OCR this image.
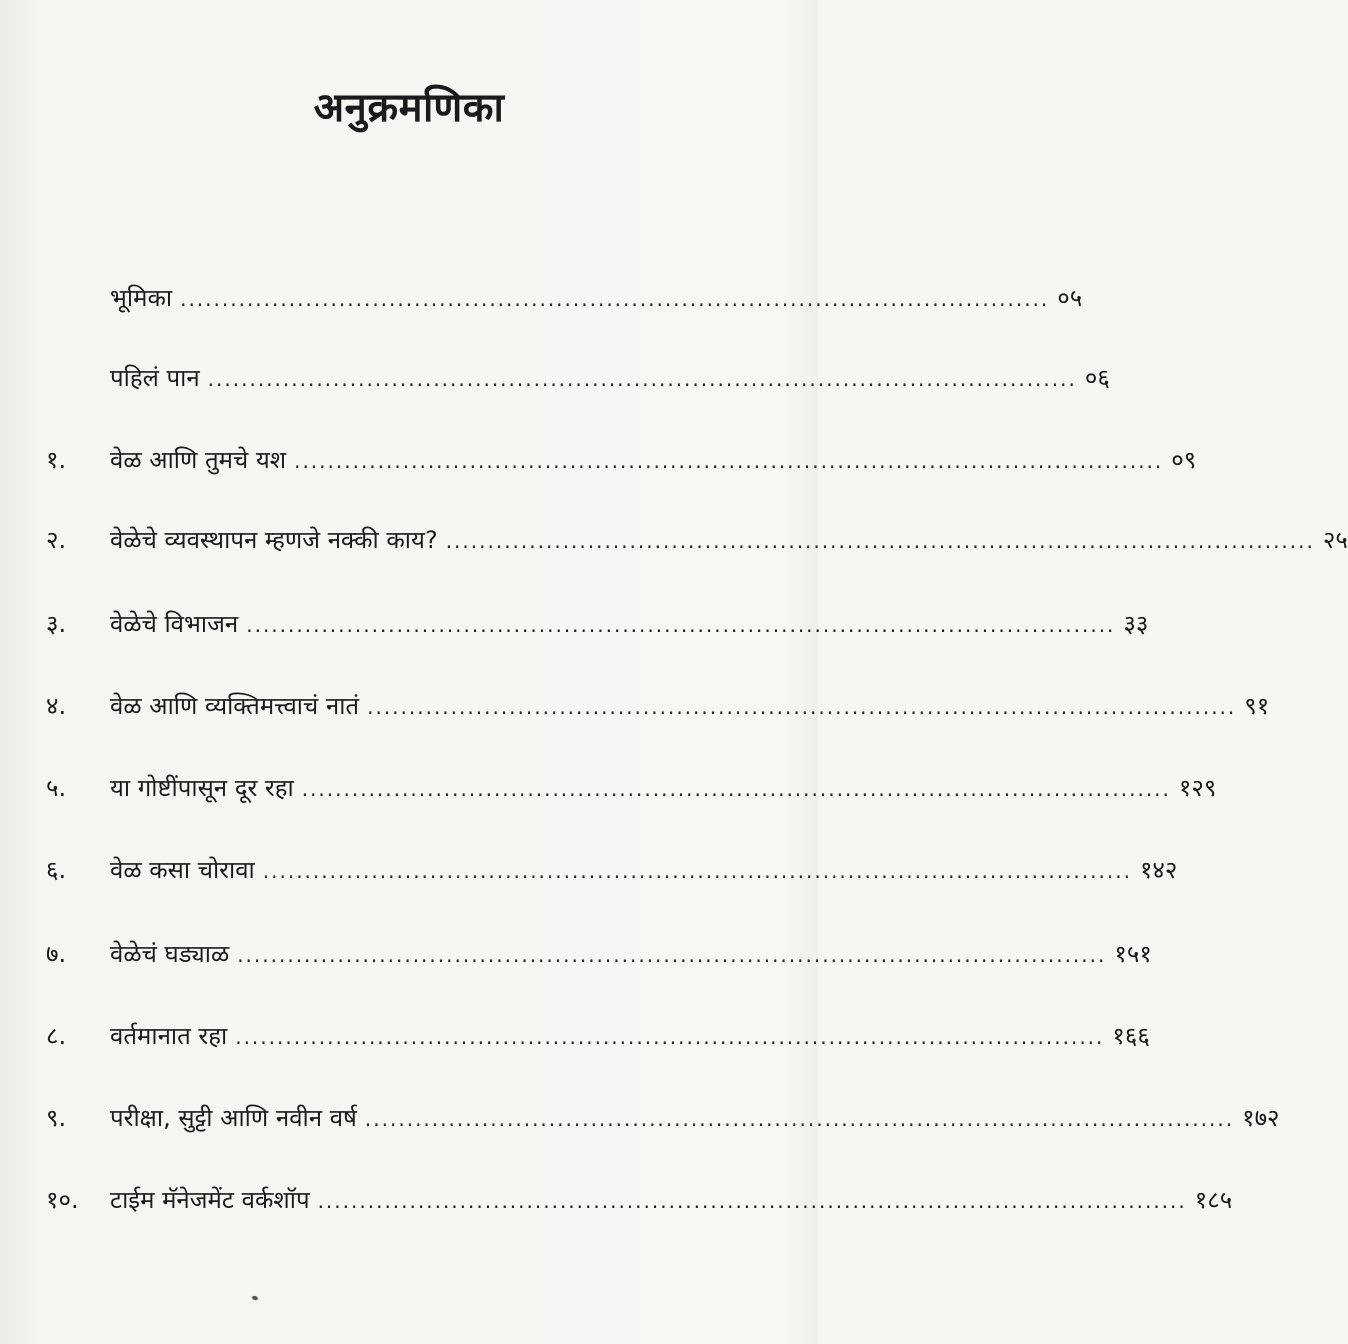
अनुक्रमणिका
भूमिका ........................................................................................................ ०५
पहिलं पान ........................................................................................................ ०६
१.	वेळ आणि तुमचे यश ........................................................................................................ ०९
२.	वेळेचे व्यवस्थापन म्हणजे नक्की काय? ........................................................................................................ २५
३.	वेळेचे विभाजन ........................................................................................................ ३३
४.	वेळ आणि व्यक्तिमत्त्वाचं नातं ........................................................................................................ ९१
५.	या गोष्टींपासून दूर रहा ........................................................................................................ १२९
६.	वेळ कसा चोरावा ........................................................................................................ १४२
७.	वेळेचं घड्याळ ........................................................................................................ १५१
८.	वर्तमानात रहा ........................................................................................................ १६६
९.	परीक्षा, सुट्टी आणि नवीन वर्ष ........................................................................................................ १७२
१०.	टाईम मॅनेजमेंट वर्कशॉप ........................................................................................................ १८५
